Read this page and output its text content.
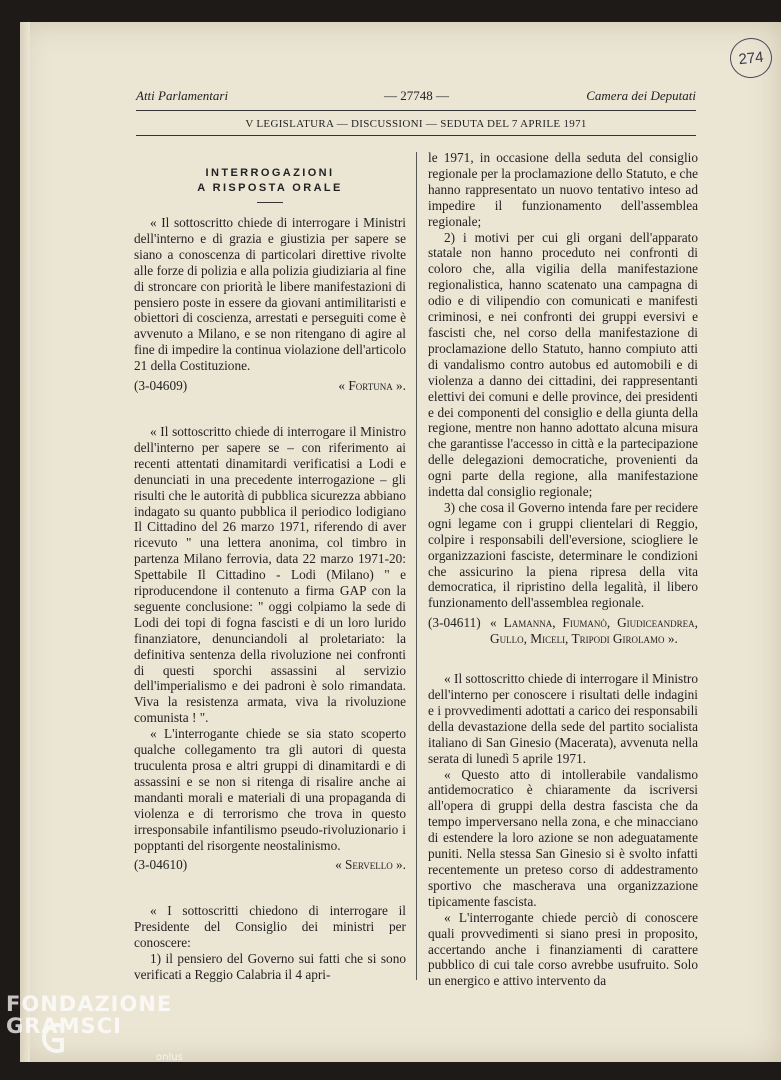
274
Atti Parlamentari	— 27748 —	Camera dei Deputati
V LEGISLATURA — DISCUSSIONI — SEDUTA DEL 7 APRILE 1971
INTERROGAZIONI
A RISPOSTA ORALE

« Il sottoscritto chiede di interrogare i Ministri dell'interno e di grazia e giustizia per sapere se siano a conoscenza di particolari direttive rivolte alle forze di polizia e alla polizia giudiziaria al fine di stroncare con priorità le libere manifestazioni di pensiero poste in essere da giovani antimilitaristi e obiettori di coscienza, arrestati e perseguiti come è avvenuto a Milano, e se non ritengano di agire al fine di impedire la continua violazione dell'articolo 21 della Costituzione.

(3-04609)	« Fortuna ».

« Il sottoscritto chiede di interrogare il Ministro dell'interno per sapere se – con riferimento ai recenti attentati dinamitardi verificatisi a Lodi e denunciati in una precedente interrogazione – gli risulti che le autorità di pubblica sicurezza abbiano indagato su quanto pubblica il periodico lodigiano Il Cittadino del 26 marzo 1971, riferendo di aver ricevuto " una lettera anonima, col timbro in partenza Milano ferrovia, data 22 marzo 1971-20: Spettabile Il Cittadino - Lodi (Milano) " e riproducendone il contenuto a firma GAP con la seguente conclusione: " oggi colpiamo la sede di Lodi dei topi di fogna fascisti e di un loro lurido finanziatore, denunciandoli al proletariato: la definitiva sentenza della rivoluzione nei confronti di questi sporchi assassini al servizio dell'imperialismo e dei padroni è solo rimandata. Viva la resistenza armata, viva la rivoluzione comunista ! ".

« L'interrogante chiede se sia stato scoperto qualche collegamento tra gli autori di questa truculenta prosa e altri gruppi di dinamitardi e di assassini e se non si ritenga di risalire anche ai mandanti morali e materiali di una propaganda di violenza e di terrorismo che trova in questo irresponsabile infantilismo pseudo-rivoluzionario i popptanti del risorgente neostalinismo.

(3-04610)	« Servello ».

« I sottoscritti chiedono di interrogare il Presidente del Consiglio dei ministri per conoscere:

1) il pensiero del Governo sui fatti che si sono verificati a Reggio Calabria il 4 apri-

le 1971, in occasione della seduta del consiglio regionale per la proclamazione dello Statuto, e che hanno rappresentato un nuovo tentativo inteso ad impedire il funzionamento dell'assemblea regionale;

2) i motivi per cui gli organi dell'apparato statale non hanno proceduto nei confronti di coloro che, alla vigilia della manifestazione regionalistica, hanno scatenato una campagna di odio e di vilipendio con comunicati e manifesti criminosi, e nei confronti dei gruppi eversivi e fascisti che, nel corso della manifestazione di proclamazione dello Statuto, hanno compiuto atti di vandalismo contro autobus ed automobili e di violenza a danno dei cittadini, dei rappresentanti elettivi dei comuni e delle province, dei presidenti e dei componenti del consiglio e della giunta della regione, mentre non hanno adottato alcuna misura che garantisse l'accesso in città e la partecipazione delle delegazioni democratiche, provenienti da ogni parte della regione, alla manifestazione indetta dal consiglio regionale;

3) che cosa il Governo intenda fare per recidere ogni legame con i gruppi clientelari di Reggio, colpire i responsabili dell'eversione, sciogliere le organizzazioni fasciste, determinare le condizioni che assicurino la piena ripresa della vita democratica, il ripristino della legalità, il libero funzionamento dell'assemblea regionale.

(3-04611) « Lamanna, Fiumanò, Giudiceandrea, Gullo, Miceli, Tripodi Girolamo ».

« Il sottoscritto chiede di interrogare il Ministro dell'interno per conoscere i risultati delle indagini e i provvedimenti adottati a carico dei responsabili della devastazione della sede del partito socialista italiano di San Ginesio (Macerata), avvenuta nella serata di lunedì 5 aprile 1971.

« Questo atto di intollerabile vandalismo antidemocratico è chiaramente da iscriversi all'opera di gruppi della destra fascista che da tempo imperversano nella zona, e che minacciano di estendere la loro azione se non adeguatamente puniti. Nella stessa San Ginesio si è svolto infatti recentemente un preteso corso di addestramento sportivo che mascherava una organizzazione tipicamente fascista.

« L'interrogante chiede perciò di conoscere quali provvedimenti si siano presi in proposito, accertando anche i finanziamenti di carattere pubblico di cui tale corso avrebbe usufruito. Solo un energico e attivo intervento da

FONDAZIONE
GRAMSCI
onlus
